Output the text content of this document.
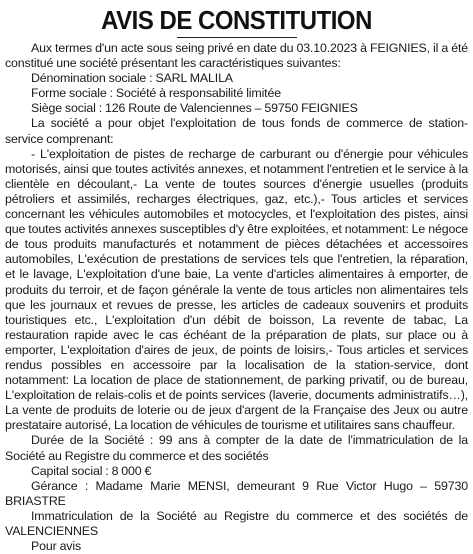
AVIS DE CONSTITUTION

Aux termes d'un acte sous seing privé en date du 03.10.2023 à FEIGNIES, il a été constitué une société présentant les caractéristiques suivantes:

Dénomination sociale : SARL MALILA

Forme sociale : Société à responsabilité limitée

Siège social : 126 Route de Valenciennes – 59750 FEIGNIES

La société a pour objet l'exploitation de tous fonds de commerce de station-service comprenant:

- L'exploitation de pistes de recharge de carburant ou d'énergie pour véhicules motorisés, ainsi que toutes activités annexes, et notamment l'entretien et le service à la clientèle en découlant,- La vente de toutes sources d'énergie usuelles (produits pétroliers et assimilés, recharges électriques, gaz, etc.),- Tous articles et services concernant les véhicules automobiles et motocycles, et l'exploitation des pistes, ainsi que toutes activités annexes susceptibles d'y être exploitées, et notamment: Le négoce de tous produits manufacturés et notamment de pièces détachées et accessoires automobiles, L'exécution de prestations de services tels que l'entretien, la réparation, et le lavage, L'exploitation d'une baie, La vente d'articles alimentaires à emporter, de produits du terroir, et de façon générale la vente de tous articles non alimentaires tels que les journaux et revues de presse, les articles de cadeaux souvenirs et produits touristiques etc., L'exploitation d'un débit de boisson, La revente de tabac, La restauration rapide avec le cas échéant de la préparation de plats, sur place ou à emporter, L'exploitation d'aires de jeux, de points de loisirs,- Tous articles et services rendus possibles en accessoire par la localisation de la station-service, dont notamment: La location de place de stationnement, de parking privatif, ou de bureau, L'exploitation de relais-colis et de points services (laverie, documents administratifs…), La vente de produits de loterie ou de jeux d'argent de la Française des Jeux ou autre prestataire autorisé, La location de véhicules de tourisme et utilitaires sans chauffeur.

Durée de la Société : 99 ans à compter de la date de l'immatriculation de la Société au Registre du commerce et des sociétés

Capital social : 8 000 €

Gérance : Madame Marie MENSI, demeurant 9 Rue Victor Hugo – 59730 BRIASTRE

Immatriculation de la Société au Registre du commerce et des sociétés de VALENCIENNES

Pour avis
